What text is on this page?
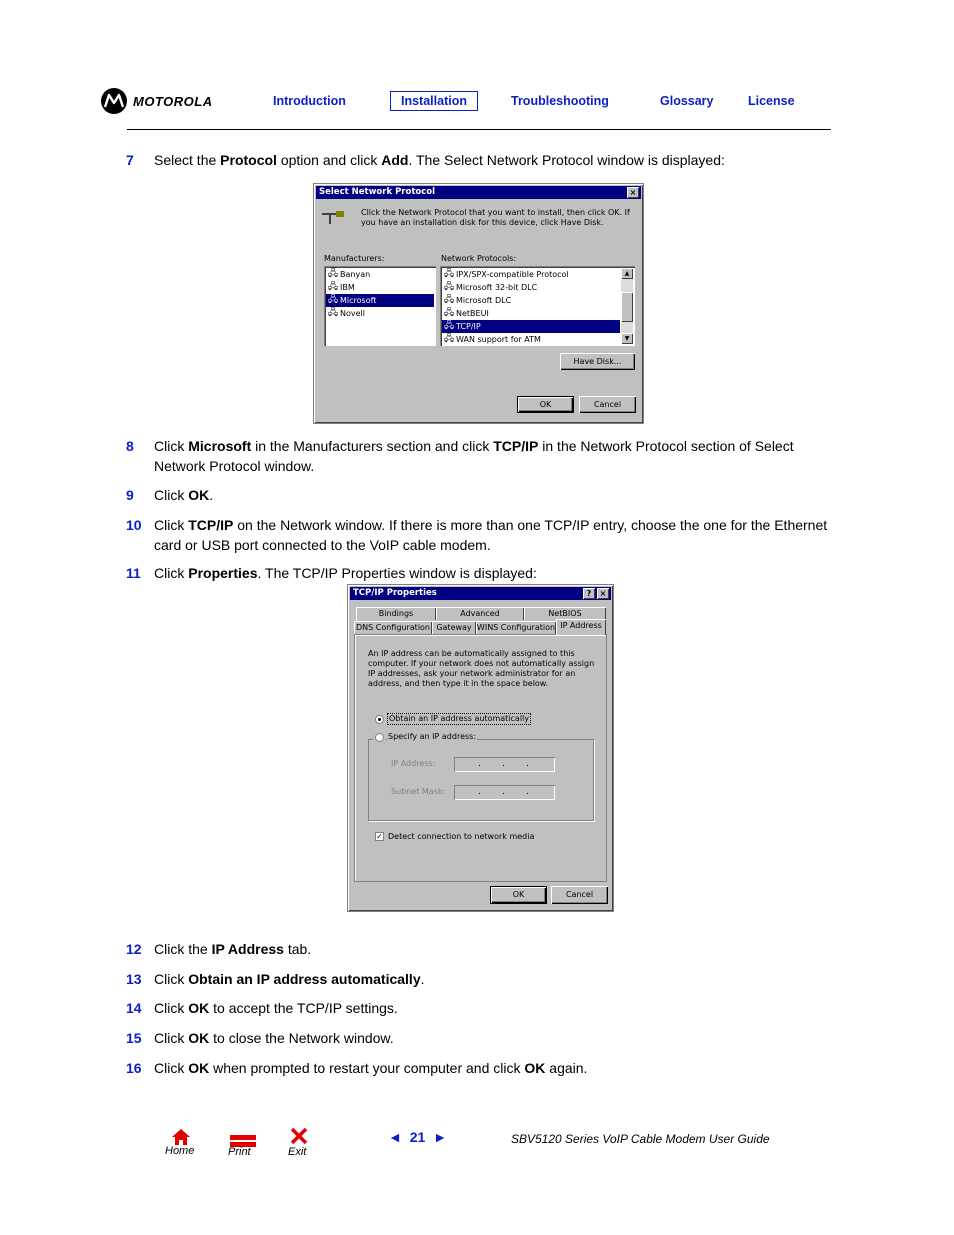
MOTOROLA	Introduction	Installation	Troubleshooting	Glossary	License
7 Select the Protocol option and click Add. The Select Network Protocol window is displayed:
Select Network Protocol	×
Click the Network Protocol that you want to install, then click OK. If you have an installation disk for this device, click Have Disk.
Manufacturers:
🖧 Banyan
🖧 IBM
🖧 Microsoft
🖧 Novell
Network Protocols:
🖧 IPX/SPX-compatible Protocol
🖧 Microsoft 32-bit DLC
🖧 Microsoft DLC
🖧 NetBEUI
🖧 TCP/IP
🖧 WAN support for ATM
▲
▼
Have Disk...
OK	Cancel
8 Click Microsoft in the Manufacturers section and click TCP/IP in the Network Protocol section of Select Network Protocol window.
9 Click OK.
10 Click TCP/IP on the Network window. If there is more than one TCP/IP entry, choose the one for the Ethernet card or USB port connected to the VoIP cable modem.
11 Click Properties. The TCP/IP Properties window is displayed:
TCP/IP Properties	?	×
Bindings	Advanced	NetBIOS
DNS Configuration Gateway WINS Configuration IP Address
An IP address can be automatically assigned to this computer. If your network does not automatically assign IP addresses, ask your network administrator for an address, and then type it in the space below.
Obtain an IP address automatically
Specify an IP address:
IP Address:	. . .
Subnet Mask:	. . .
✓ Detect connection to network media
OK	Cancel
12 Click the IP Address tab.
13 Click Obtain an IP address automatically.
14 Click OK to accept the TCP/IP settings.
15 Click OK to close the Network window.
16 Click OK when prompted to restart your computer and click OK again.
Home	Print	Exit
◄ 21 ►	SBV5120 Series VoIP Cable Modem User Guide
